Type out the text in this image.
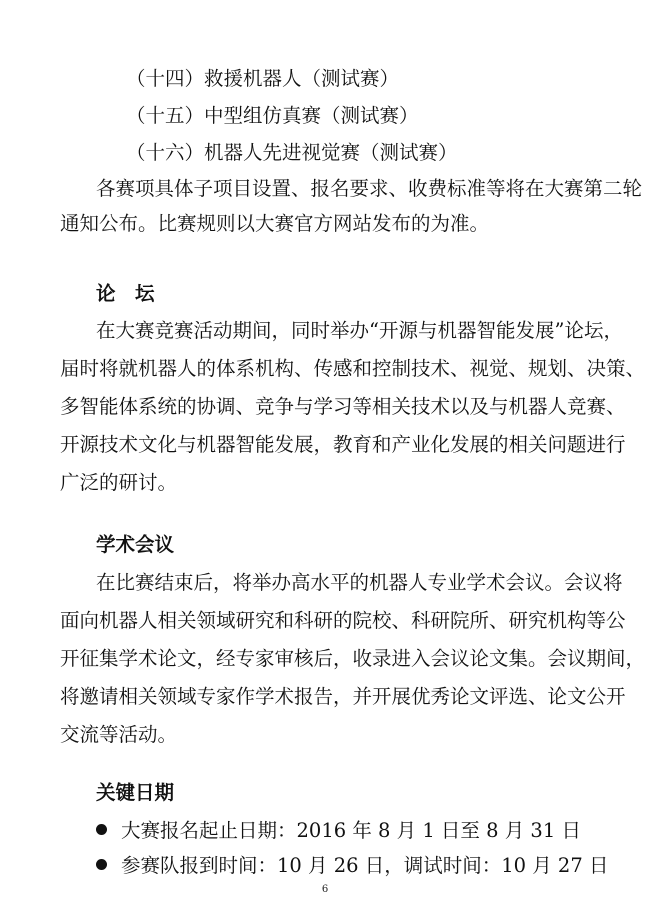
（十四）救援机器人（测试赛）
（十五）中型组仿真赛（测试赛）
（十六）机器人先进视觉赛（测试赛）
各赛项具体子项目设置、报名要求、收费标准等将在大赛第二轮
通知公布。比赛规则以大赛官方网站发布的为准。
论　坛
在大赛竞赛活动期间，同时举办“开源与机器智能发展”论坛，
届时将就机器人的体系机构、传感和控制技术、视觉、规划、决策、
多智能体系统的协调、竞争与学习等相关技术以及与机器人竞赛、
开源技术文化与机器智能发展，教育和产业化发展的相关问题进行
广泛的研讨。
学术会议
在比赛结束后，将举办高水平的机器人专业学术会议。会议将
面向机器人相关领域研究和科研的院校、科研院所、研究机构等公
开征集学术论文，经专家审核后，收录进入会议论文集。会议期间，
将邀请相关领域专家作学术报告，并开展优秀论文评选、论文公开
交流等活动。
关键日期
大赛报名起止日期：2016 年 8 月 1 日至 8 月 31 日
参赛队报到时间：10 月 26 日，调试时间：10 月 27 日
6
